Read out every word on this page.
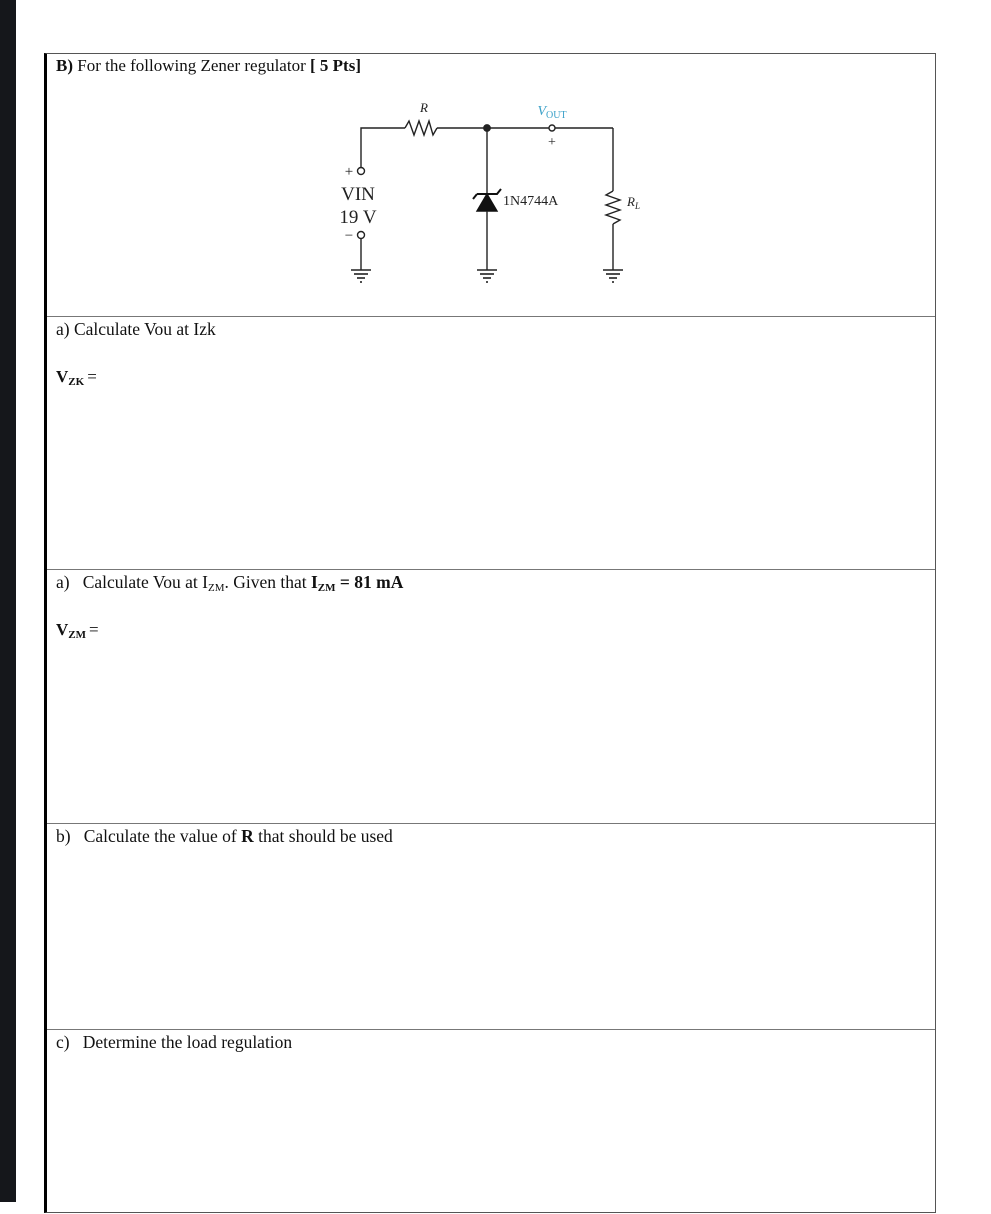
B) For the following Zener regulator [ 5 Pts]
R	$V_{OUT}$
+
+
VIN
19 V
−
1N4744A	$R_L$
a) Calculate Vou at Izk
$V_{ZK}$ =
a) Calculate Vou at $I_{ZM}$. Given that $I_{ZM} = 81$ mA
$V_{ZM}$ =
b) Calculate the value of R that should be used
c) Determine the load regulation
